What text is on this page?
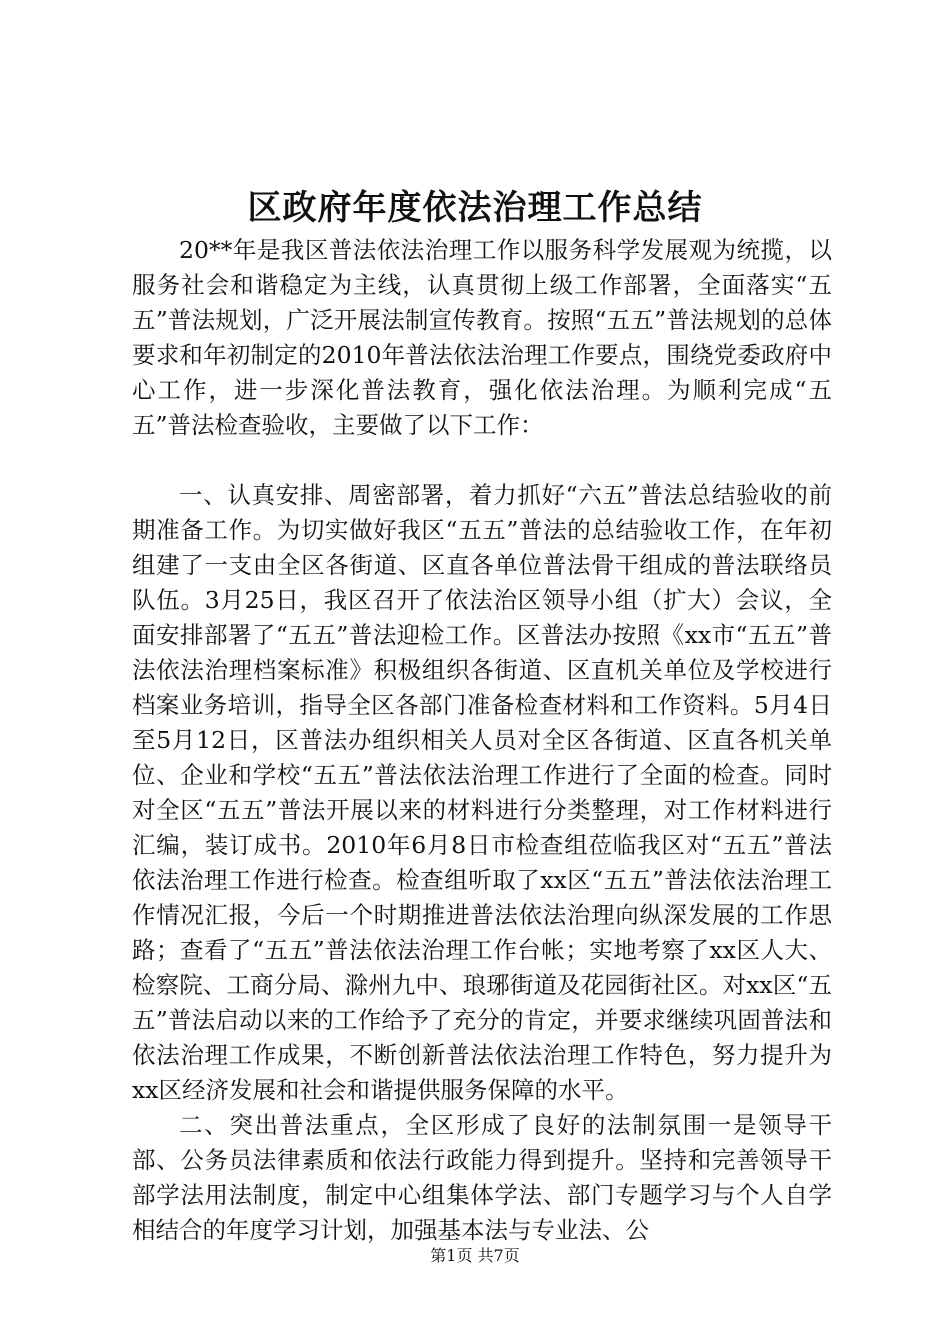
区政府年度依法治理工作总结

20**年是我区普法依法治理工作以服务科学发展观为统揽，以服务社会和谐稳定为主线，认真贯彻上级工作部署，全面落实“五五”普法规划，广泛开展法制宣传教育。按照“五五”普法规划的总体要求和年初制定的2010年普法依法治理工作要点，围绕党委政府中心工作，进一步深化普法教育，强化依法治理。为顺利完成“五五”普法检查验收，主要做了以下工作：

一、认真安排、周密部署，着力抓好“六五”普法总结验收的前期准备工作。为切实做好我区“五五”普法的总结验收工作，在年初组建了一支由全区各街道、区直各单位普法骨干组成的普法联络员队伍。3月25日，我区召开了依法治区领导小组（扩大）会议，全面安排部署了“五五”普法迎检工作。区普法办按照《xx市“五五”普法依法治理档案标准》积极组织各街道、区直机关单位及学校进行档案业务培训，指导全区各部门准备检查材料和工作资料。5月4日至5月12日，区普法办组织相关人员对全区各街道、区直各机关单位、企业和学校“五五”普法依法治理工作进行了全面的检查。同时对全区“五五”普法开展以来的材料进行分类整理，对工作材料进行汇编，装订成书。2010年6月8日市检查组莅临我区对“五五”普法依法治理工作进行检查。检查组听取了xx区“五五”普法依法治理工作情况汇报，今后一个时期推进普法依法治理向纵深发展的工作思路；查看了“五五”普法依法治理工作台帐；实地考察了xx区人大、检察院、工商分局、滁州九中、琅琊街道及花园街社区。对xx区“五五”普法启动以来的工作给予了充分的肯定，并要求继续巩固普法和依法治理工作成果，不断创新普法依法治理工作特色，努力提升为xx区经济发展和社会和谐提供服务保障的水平。

二、突出普法重点，全区形成了良好的法制氛围一是领导干部、公务员法律素质和依法行政能力得到提升。坚持和完善领导干部学法用法制度，制定中心组集体学法、部门专题学习与个人自学相结合的年度学习计划，加强基本法与专业法、公

第1页 共7页
